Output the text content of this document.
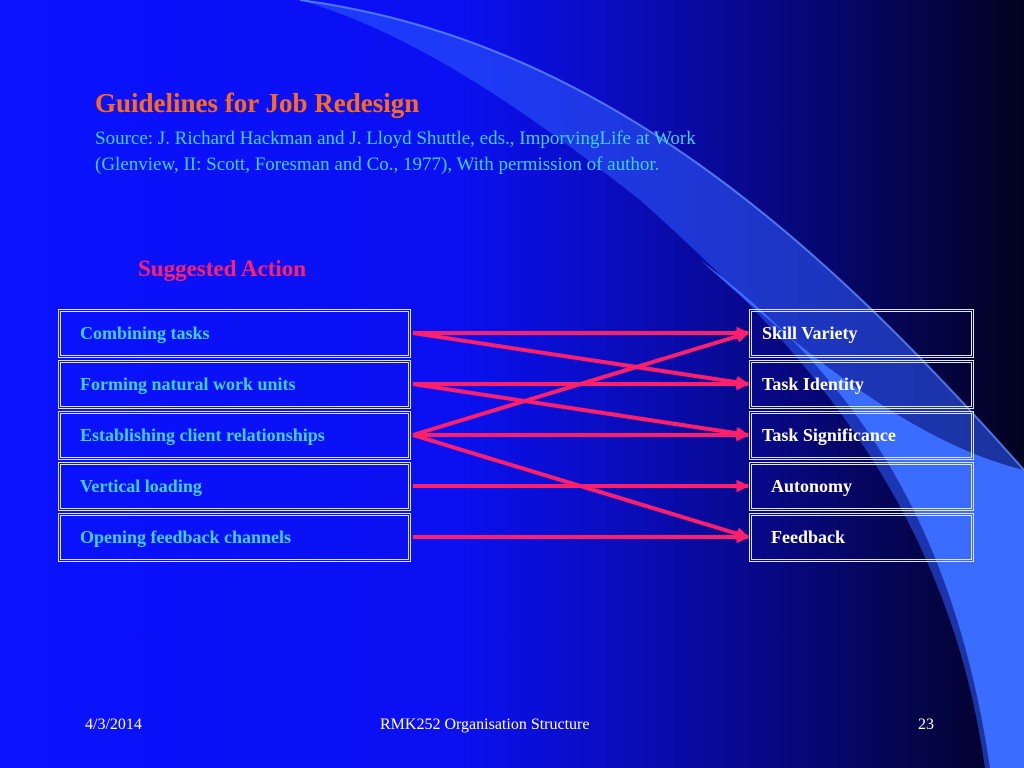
Guidelines for Job Redesign
Source: J. Richard Hackman and J. Lloyd Shuttle, eds., ImporvingLife at Work
(Glenview, II: Scott, Foresman and Co., 1977), With permission of author.
Suggested Action
Combining tasks
Forming natural work units
Establishing client relationships
Vertical loading
Opening feedback channels
Skill Variety
Task Identity
Task Significance
Autonomy
Feedback
4/3/2014	RMK252 Organisation Structure	23
